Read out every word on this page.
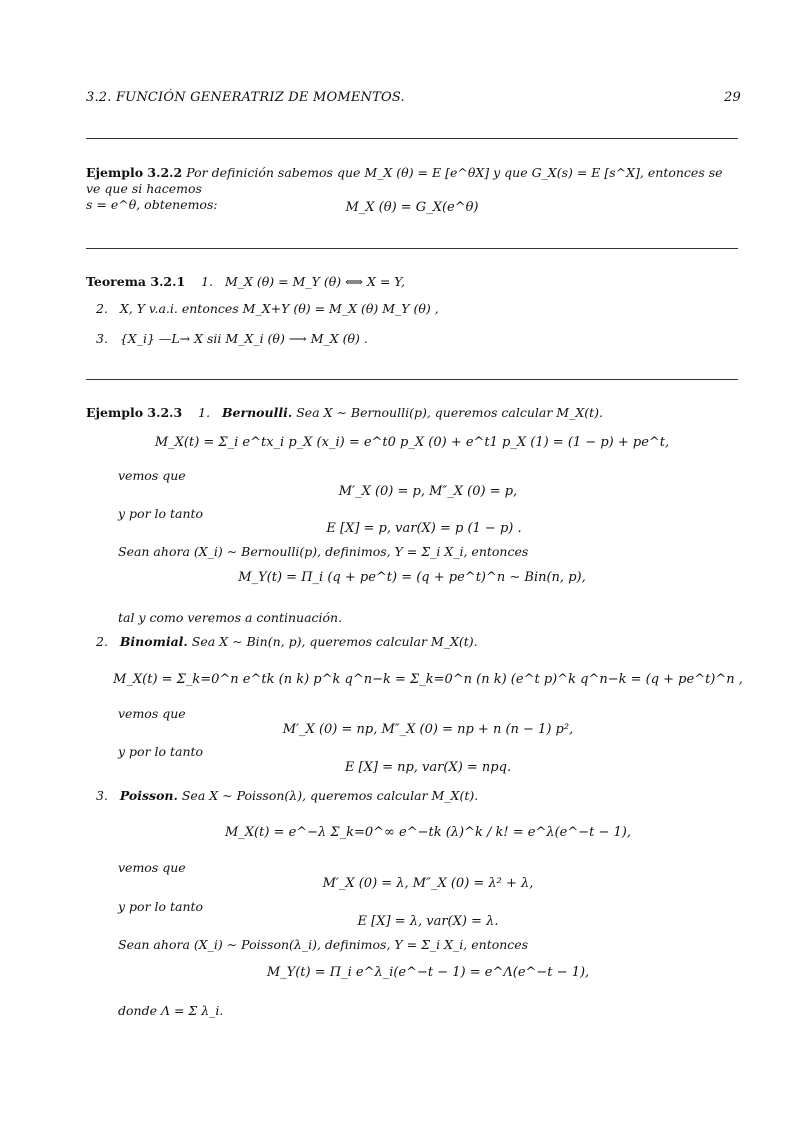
3.2. FUNCIÓN GENERATRIZ DE MOMENTOS.	29
Ejemplo 3.2.2 Por definición sabemos que M_X (θ) = E [e^θX] y que G_X(s) = E [s^X], entonces se ve que si hacemos
s = e^θ, obtenemos:	M_X (θ) = G_X(e^θ)
Teorema 3.2.1 1. M_X (θ) = M_Y (θ) ⟺ X = Y,
2. X, Y v.a.i. entonces M_X+Y (θ) = M_X (θ) M_Y (θ) ,
3. {X_i} —L→ X sii M_X_i (θ) ⟶ M_X (θ) .
Ejemplo 3.2.3 1. Bernoulli. Sea X ∼ Bernoulli(p), queremos calcular M_X(t).
M_X(t) = Σ_i e^tx_i p_X (x_i) = e^t0 p_X (0) + e^t1 p_X (1) = (1 − p) + pe^t,
vemos que
M′_X (0) = p, M″_X (0) = p,
y por lo tanto
E [X] = p, var(X) = p (1 − p) .
Sean ahora (X_i) ∼ Bernoulli(p), definimos, Y = Σ_i X_i, entonces
M_Y(t) = Π_i (q + pe^t) = (q + pe^t)^n ∼ Bin(n, p),
tal y como veremos a continuación.
2. Binomial. Sea X ∼ Bin(n, p), queremos calcular M_X(t).
M_X(t) = Σ_k=0^n e^tk (n k) p^k q^n−k = Σ_k=0^n (n k) (e^t p)^k q^n−k = (q + pe^t)^n ,
vemos que
M′_X (0) = np, M″_X (0) = np + n (n − 1) p²,
y por lo tanto
E [X] = np, var(X) = npq.
3. Poisson. Sea X ∼ Poisson(λ), queremos calcular M_X(t).
M_X(t) = e^−λ Σ_k=0^∞ e^−tk (λ)^k / k! = e^λ(e^−t − 1),
vemos que
M′_X (0) = λ, M″_X (0) = λ² + λ,
y por lo tanto
E [X] = λ, var(X) = λ.
Sean ahora (X_i) ∼ Poisson(λ_i), definimos, Y = Σ_i X_i, entonces
M_Y(t) = Π_i e^λ_i(e^−t − 1) = e^Λ(e^−t − 1),
donde Λ = Σ λ_i.
